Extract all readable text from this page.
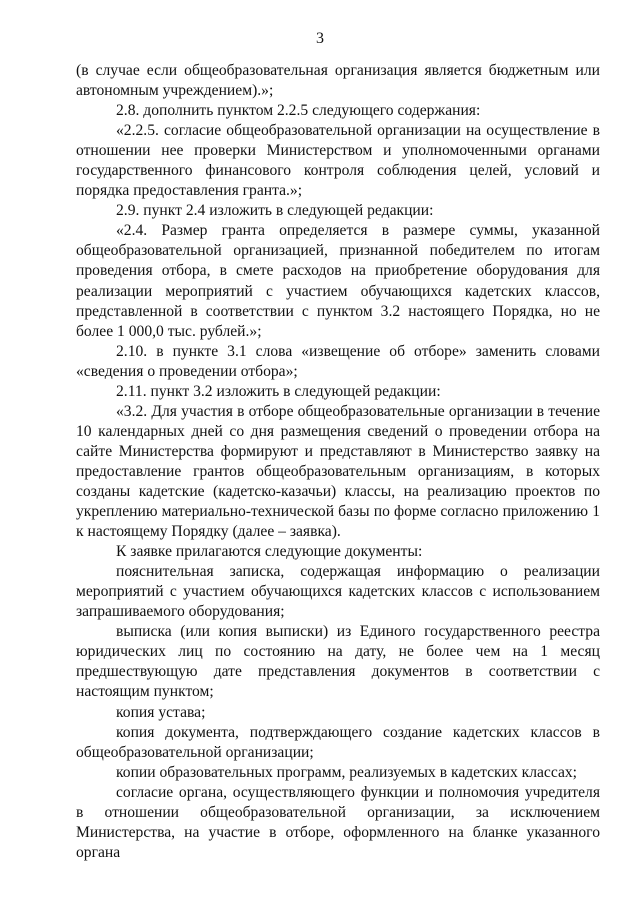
3

(в случае если общеобразовательная организация является бюджетным или автономным учреждением).»;

2.8. дополнить пунктом 2.2.5 следующего содержания:

«2.2.5. согласие общеобразовательной организации на осуществление в отношении нее проверки Министерством и уполномоченными органами государственного финансового контроля соблюдения целей, условий и порядка предоставления гранта.»;

2.9. пункт 2.4 изложить в следующей редакции:

«2.4. Размер гранта определяется в размере суммы, указанной общеобразовательной организацией, признанной победителем по итогам проведения отбора, в смете расходов на приобретение оборудования для реализации мероприятий с участием обучающихся кадетских классов, представленной в соответствии с пунктом 3.2 настоящего Порядка, но не более 1 000,0 тыс. рублей.»;

2.10. в пункте 3.1 слова «извещение об отборе» заменить словами «сведения о проведении отбора»;

2.11. пункт 3.2 изложить в следующей редакции:

«3.2. Для участия в отборе общеобразовательные организации в течение 10 календарных дней со дня размещения сведений о проведении отбора на сайте Министерства формируют и представляют в Министерство заявку на предоставление грантов общеобразовательным организациям, в которых созданы кадетские (кадетско-казачьи) классы, на реализацию проектов по укреплению материально-технической базы по форме согласно приложению 1 к настоящему Порядку (далее – заявка).

К заявке прилагаются следующие документы:

пояснительная записка, содержащая информацию о реализации мероприятий с участием обучающихся кадетских классов с использованием запрашиваемого оборудования;

выписка (или копия выписки) из Единого государственного реестра юридических лиц по состоянию на дату, не более чем на 1 месяц предшествующую дате представления документов в соответствии с настоящим пунктом;

копия устава;

копия документа, подтверждающего создание кадетских классов в общеобразовательной организации;

копии образовательных программ, реализуемых в кадетских классах;

согласие органа, осуществляющего функции и полномочия учредителя в отношении общеобразовательной организации, за исключением Министерства, на участие в отборе, оформленного на бланке указанного органа
